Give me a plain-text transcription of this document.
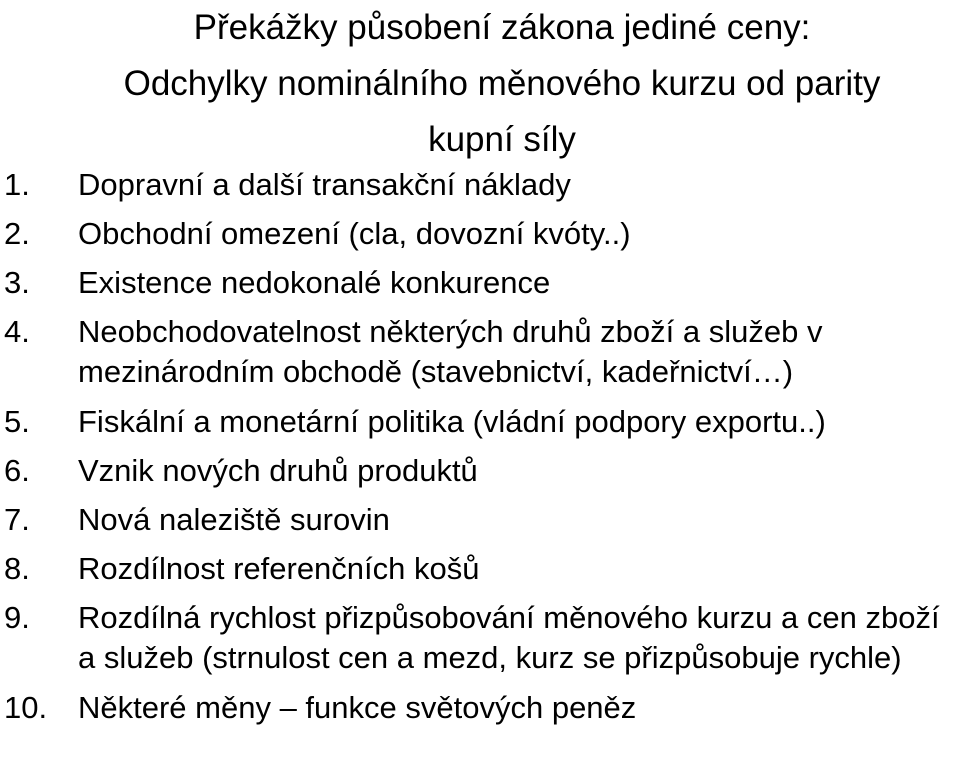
Překážky působení zákona jediné ceny:
Odchylky nominálního měnového kurzu od parity
kupní síly
1.	Dopravní a další transakční náklady
2.	Obchodní omezení (cla, dovozní kvóty..)
3.	Existence nedokonalé konkurence
4.	Neobchodovatelnost některých druhů zboží a služeb v mezinárodním obchodě (stavebnictví, kadeřnictví…)
5.	Fiskální a monetární politika (vládní podpory exportu..)
6.	Vznik nových druhů produktů
7.	Nová naleziště surovin
8.	Rozdílnost referenčních košů
9.	Rozdílná rychlost přizpůsobování měnového kurzu a cen zboží a služeb (strnulost cen a mezd, kurz se přizpůsobuje rychle)
10. Některé měny – funkce světových peněz
